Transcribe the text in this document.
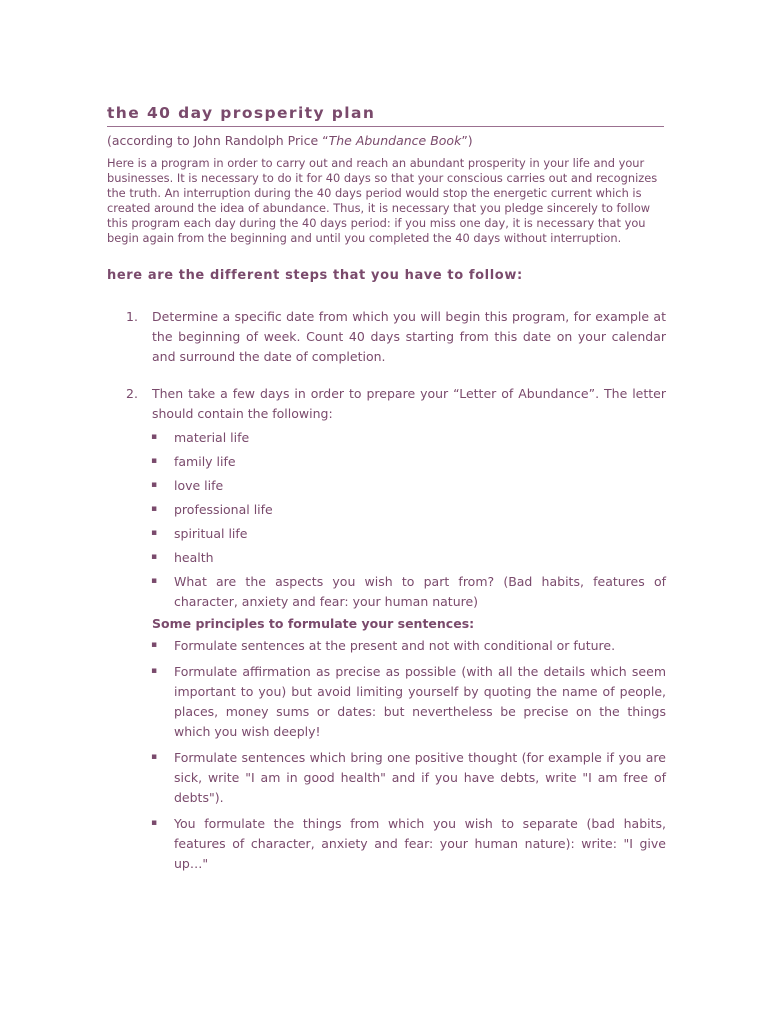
the 40 day prosperity plan
(according to John Randolph Price “The Abundance Book”)

Here is a program in order to carry out and reach an abundant prosperity in your life and your businesses. It is necessary to do it for 40 days so that your conscious carries out and recognizes the truth. An interruption during the 40 days period would stop the energetic current which is created around the idea of abundance. Thus, it is necessary that you pledge sincerely to follow this program each day during the 40 days period: if you miss one day, it is necessary that you begin again from the beginning and until you completed the 40 days without interruption.

here are the different steps that you have to follow:
1.	Determine a specific date from which you will begin this program, for example at the beginning of week. Count 40 days starting from this date on your calendar and surround the date of completion.
2.	Then take a few days in order to prepare your “Letter of Abundance”. The letter should contain the following:
▪ material life
▪ family life
▪ love life
▪ professional life
▪ spiritual life
▪ health
▪ What are the aspects you wish to part from? (Bad habits, features of character, anxiety and fear: your human nature)
Some principles to formulate your sentences:
▪ Formulate sentences at the present and not with conditional or future.
▪ Formulate affirmation as precise as possible (with all the details which seem important to you) but avoid limiting yourself by quoting the name of people, places, money sums or dates: but nevertheless be precise on the things which you wish deeply!
▪ Formulate sentences which bring one positive thought (for example if you are sick, write "I am in good health" and if you have debts, write "I am free of debts").
▪ You formulate the things from which you wish to separate (bad habits, features of character, anxiety and fear: your human nature): write: "I give up…"
